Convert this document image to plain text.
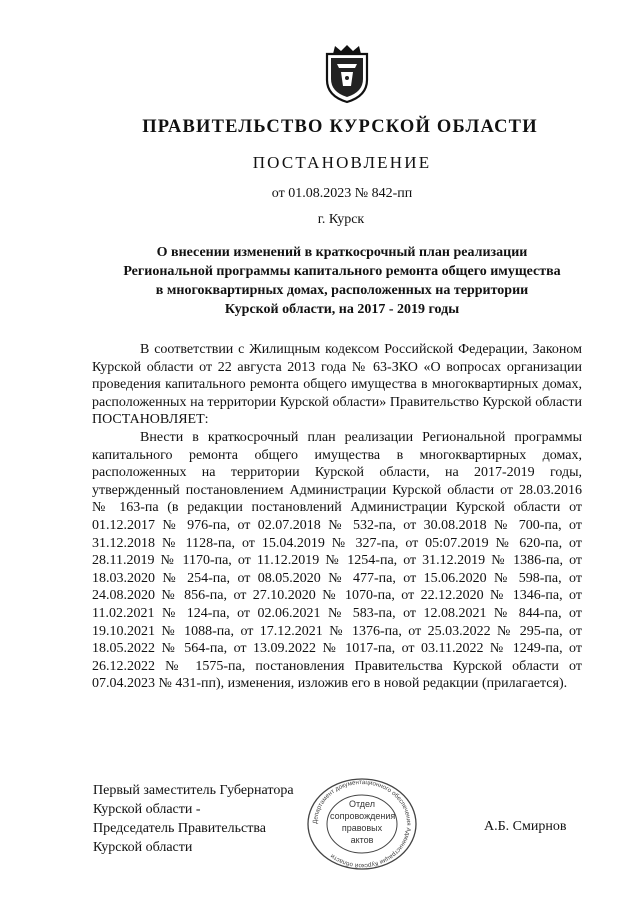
ПРАВИТЕЛЬСТВО КУРСКОЙ ОБЛАСТИ
ПОСТАНОВЛЕНИЕ
от 01.08.2023 № 842-пп
г. Курск
О внесении изменений в краткосрочный план реализации
Региональной программы капитального ремонта общего имущества
в многоквартирных домах, расположенных на территории
Курской области, на 2017 - 2019 годы

В соответствии с Жилищным кодексом Российской Федерации, Законом Курской области от 22 августа 2013 года № 63-ЗКО «О вопросах организации проведения капитального ремонта общего имущества в многоквартирных домах, расположенных на территории Курской области» Правительство Курской области ПОСТАНОВЛЯЕТ:

Внести в краткосрочный план реализации Региональной программы капитального ремонта общего имущества в многоквартирных домах, расположенных на территории Курской области, на 2017-2019 годы, утвержденный постановлением Администрации Курской области от 28.03.2016 № 163-па (в редакции постановлений Администрации Курской области от 01.12.2017 № 976-па, от 02.07.2018 № 532-па, от 30.08.2018 № 700-па, от 31.12.2018 № 1128-па, от 15.04.2019 № 327-па, от 05:07.2019 № 620-па, от 28.11.2019 № 1170-па, от 11.12.2019 № 1254-па, от 31.12.2019 № 1386-па, от 18.03.2020 № 254-па, от 08.05.2020 № 477-па, от 15.06.2020 № 598-па, от 24.08.2020 № 856-па, от 27.10.2020 № 1070-па, от 22.12.2020 № 1346-па, от 11.02.2021 № 124-па, от 02.06.2021 № 583-па, от 12.08.2021 № 844-па, от 19.10.2021 № 1088-па, от 17.12.2021 № 1376-па, от 25.03.2022 № 295-па, от 18.05.2022 № 564-па, от 13.09.2022 № 1017-па, от 03.11.2022 № 1249-па, от 26.12.2022 № 1575-па, постановления Правительства Курской области от 07.04.2023 № 431-пп), изменения, изложив его в новой редакции (прилагается).

Первый заместитель Губернатора
Курской области -
Председатель Правительства
Курской области
Департамент документационного обеспечения Администрации Курской области
Отдел
сопровождения
правовых
актов
А.Б. Смирнов
